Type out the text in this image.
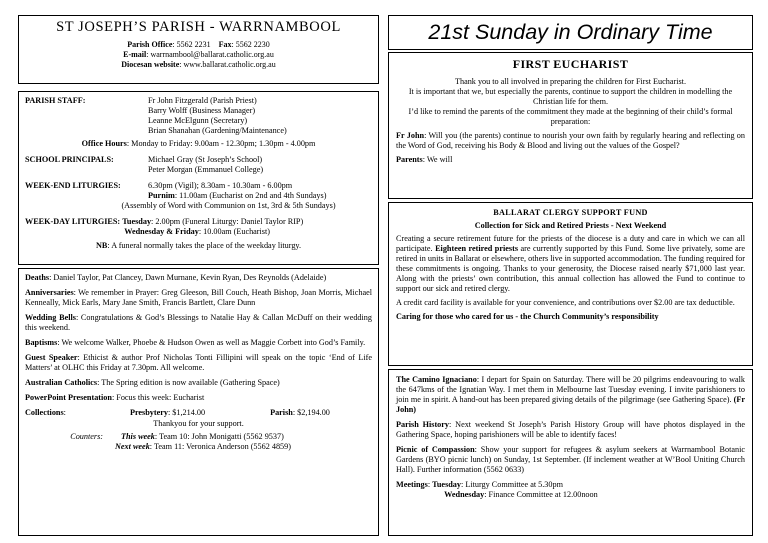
ST JOSEPH’S PARISH - WARRNAMBOOL
Parish Office: 5562 2231 Fax: 5562 2230
E-mail: warrnambool@ballarat.catholic.org.au
Diocesan website: www.ballarat.catholic.org.au
PARISH STAFF:	Fr John Fitzgerald (Parish Priest)
Barry Wolff (Business Manager)
Leanne McElgunn (Secretary)
Brian Shanahan (Gardening/Maintenance)
Office Hours: Monday to Friday: 9.00am - 12.30pm; 1.30pm - 4.00pm
SCHOOL PRINCIPALS:	Michael Gray (St Joseph’s School)
Peter Morgan (Emmanuel College)
WEEK-END LITURGIES:	6.30pm (Vigil); 8.30am - 10.30am - 6.00pm
Purnim: 11.00am (Eucharist on 2nd and 4th Sundays)
(Assembly of Word with Communion on 1st, 3rd & 5th Sundays)
WEEK-DAY LITURGIES: Tuesday: 2.00pm (Funeral Liturgy: Daniel Taylor RIP)
Wednesday & Friday: 10.00am (Eucharist)
NB: A funeral normally takes the place of the weekday liturgy.

Deaths: Daniel Taylor, Pat Clancey, Dawn Murnane, Kevin Ryan, Des Reynolds (Adelaide)

Anniversaries: We remember in Prayer: Greg Gleeson, Bill Couch, Heath Bishop, Joan Morris, Michael Kenneally, Mick Earls, Mary Jane Smith, Francis Bartlett, Clare Dunn

Wedding Bells: Congratulations & God’s Blessings to Natalie Hay & Callan McDuff on their wedding this weekend.

Baptisms: We welcome Walker, Phoebe & Hudson Owen as well as Maggie Corbett into God’s Family.

Guest Speaker: Ethicist & author Prof Nicholas Tonti Fillipini will speak on the topic ‘End of Life Matters’ at OLHC this Friday at 7.30pm. All welcome.

Australian Catholics: The Spring edition is now available (Gathering Space)

PowerPoint Presentation: Focus this week: Eucharist

Collections:	Presbytery: $1,214.00	Parish: $2,194.00
Thankyou for your support.
Counters:	This week: Team 10: John Monigatti (5562 9537)
Next week: Team 11: Veronica Anderson (5562 4859)
21st Sunday in Ordinary Time
FIRST EUCHARIST
Thank you to all involved in preparing the children for First Eucharist.
It is important that we, but especially the parents, continue to support the children in modelling the Christian life for them.

I’d like to remind the parents of the commitment they made at the beginning of their child’s formal preparation:

Fr John: Will you (the parents) continue to nourish your own faith by regularly hearing and reflecting on the Word of God, receiving his Body & Blood and living out the values of the Gospel?

Parents: We will

BALLARAT CLERGY SUPPORT FUND
Collection for Sick and Retired Priests - Next Weekend

Creating a secure retirement future for the priests of the diocese is a duty and care in which we can all participate. Eighteen retired priests are currently supported by this Fund. Some live privately, some are retired in units in Ballarat or elsewhere, others live in supported accommodation. The funding required for these commitments is ongoing. Thanks to your generosity, the Diocese raised nearly $71,000 last year. Along with the priests’ own contribution, this annual collection has allowed the Fund to continue to support our sick and retired clergy.

A credit card facility is available for your convenience, and contributions over $2.00 are tax deductible.

Caring for those who cared for us - the Church Community’s responsibility

The Camino Ignaciano: I depart for Spain on Saturday. There will be 20 pilgrims endeavouring to walk the 647kms of the Ignatian Way. I met them in Melbourne last Tuesday evening. I invite parishioners to join me in spirit. A hand-out has been prepared giving details of the pilgrimage (see Gathering Space). (Fr John)

Parish History: Next weekend St Joseph’s Parish History Group will have photos displayed in the Gathering Space, hoping parishioners will be able to identify faces!

Picnic of Compassion: Show your support for refugees & asylum seekers at Warrnambool Botanic Gardens (BYO picnic lunch) on Sunday, 1st September. (If inclement weather at W’Bool Uniting Church Hall). Further information (5562 0633)

Meetings: Tuesday: Liturgy Committee at 5.30pm
Wednesday: Finance Committee at 12.00noon
